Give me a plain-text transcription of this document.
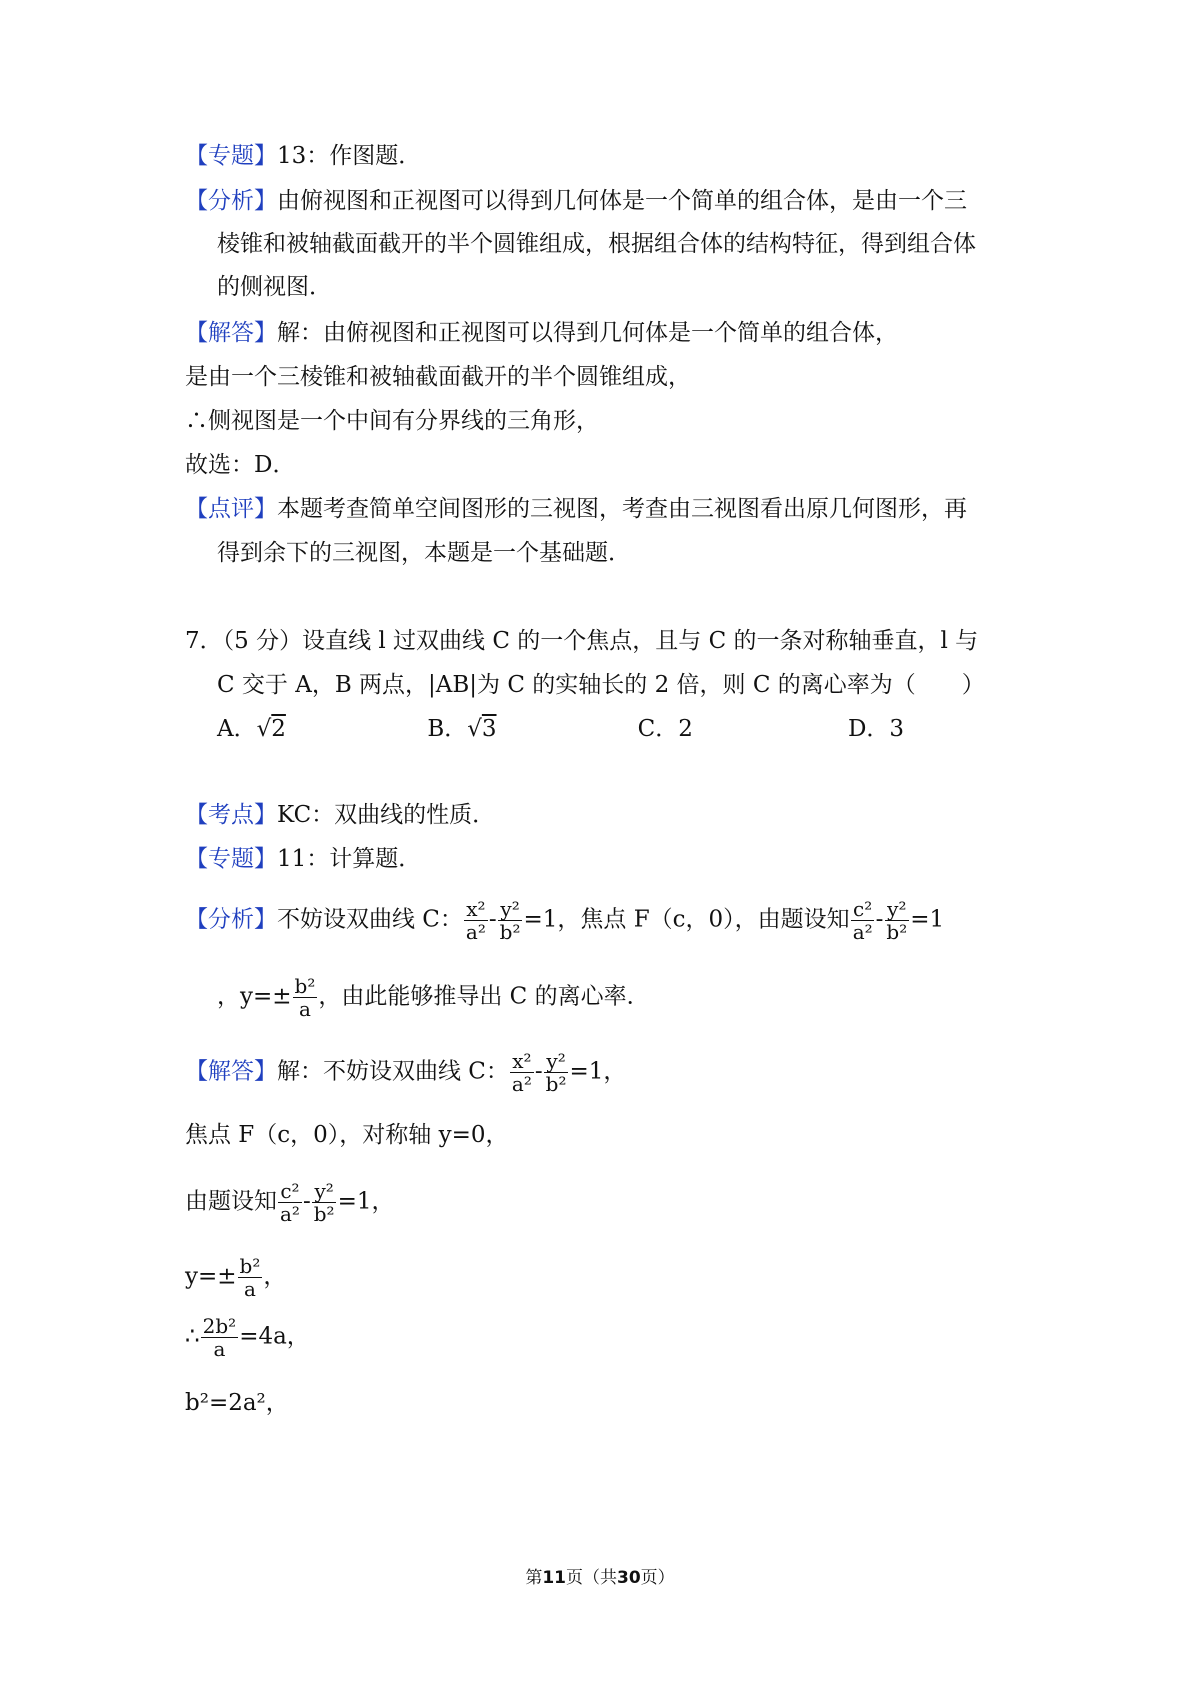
【专题】13：作图题．
【分析】由俯视图和正视图可以得到几何体是一个简单的组合体，是由一个三
棱锥和被轴截面截开的半个圆锥组成，根据组合体的结构特征，得到组合体
的侧视图．
【解答】解：由俯视图和正视图可以得到几何体是一个简单的组合体，
是由一个三棱锥和被轴截面截开的半个圆锥组成，
∴侧视图是一个中间有分界线的三角形，
故选：D．
【点评】本题考查简单空间图形的三视图，考查由三视图看出原几何图形，再
得到余下的三视图，本题是一个基础题．
7．（5 分）设直线 l 过双曲线 C 的一个焦点，且与 C 的一条对称轴垂直，l 与
C 交于 A，B 两点，|AB|为 C 的实轴长的 2 倍，则 C 的离心率为（　　）
A．√2	B．√3	C．2	D．3
【考点】KC：双曲线的性质．
【专题】11：计算题．
【分析】不妨设双曲线 C： $\frac{\text{x²}}{\text{a²}} - \frac{\text{y²}}{\text{b²}} =1$，焦点 F（﻿﻿c，0），由题设知 $\frac{\text{c²}}{\text{a²}} - \frac{\text{y²}}{\text{b²}} =1$
，$y=\pm \frac{\text{b²}}{a}$ ，由此能够推导出 C 的离心率．
【解答】解：不妨设双曲线 C： $\frac{\text{x²}}{\text{a²}} - \frac{\text{y²}}{\text{b²}} =1$，
焦点 F（﻿c，0），对称轴 y=0，
由题设知 $\frac{\text{c²}}{\text{a²}} - \frac{\text{y²}}{\text{b²}} =1$，
$y=\pm \frac{\text{b²}}{a}$ ，
∴ $\frac{\text{2b²}}{a} =4a$，
b²=2a²，
第11页（共30页）
